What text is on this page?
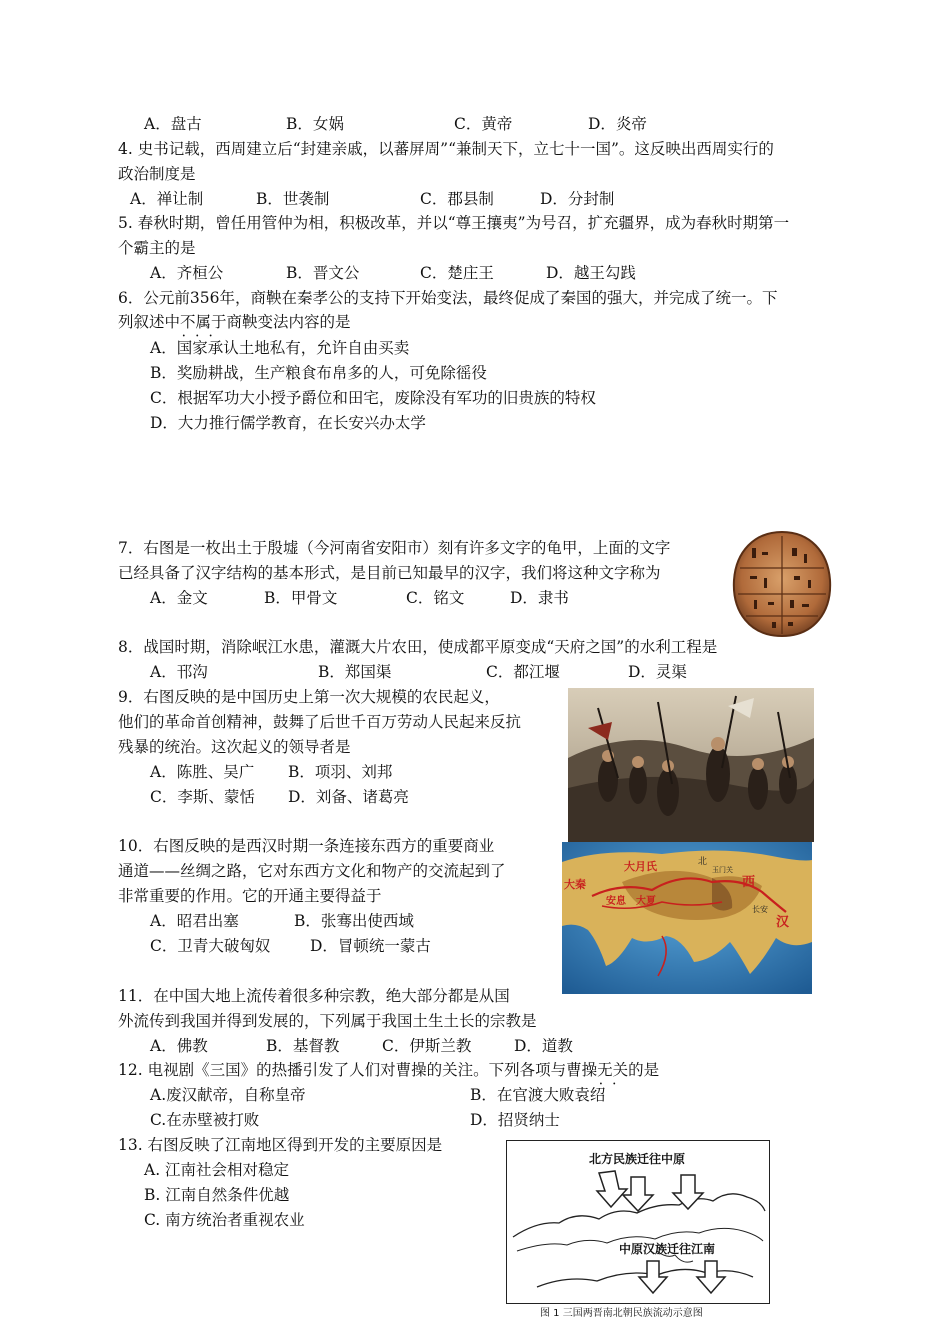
A．盘古	B．女娲	C．黄帝	D．炎帝
4. 史书记载，西周建立后“封建亲戚，以蕃屏周”“兼制天下，立七十一国”。这反映出西周实行的
政治制度是
A．禅让制	B．世袭制	C．郡县制	D．分封制
5. 春秋时期，曾任用管仲为相，积极改革，并以“尊王攘夷”为号召，扩充疆界，成为春秋时期第一
个霸主的是
A．齐桓公	B．晋文公	C．楚庄王	D．越王勾践
6．公元前356年，商鞅在秦孝公的支持下开始变法，最终促成了秦国的强大，并完成了统一。下
列叙述中不属于 • • •商鞅变法内容的是
A．国家承认土地私有，允许自由买卖
B．奖励耕战，生产粮食布帛多的人，可免除徭役
C．根据军功大小授予爵位和田宅，废除没有军功的旧贵族的特权
D．大力推行儒学教育，在长安兴办太学
7．右图是一枚出土于殷墟（今河南省安阳市）刻有许多文字的龟甲，上面的文字
已经具备了汉字结构的基本形式，是目前已知最早的汉字，我们将这种文字称为
A．金文	B．甲骨文	C．铭文	D．隶书
8．战国时期，消除岷江水患，灌溉大片农田，使成都平原变成“天府之国”的水利工程是
A．邗沟	B．郑国渠	C．都江堰	D．灵渠
9．右图反映的是中国历史上第一次大规模的农民起义，
他们的革命首创精神，鼓舞了后世千百万劳动人民起来反抗
残暴的统治。这次起义的领导者是
A．陈胜、吴广 B．项羽、刘邦
C．李斯、蒙恬 D．刘备、诸葛亮
10．右图反映的是西汉时期一条连接东西方的重要商业
通道——丝绸之路，它对东西方文化和物产的交流起到了
非常重要的作用。它的开通主要得益于
A．昭君出塞	B．张骞出使西域
C．卫青大破匈奴	D．冒顿统一蒙古
大秦
大月氏
安息 大夏
西
汉
长安
北
玉门关
11．在中国大地上流传着很多种宗教，绝大部分都是从国
外流传到我国并得到发展的，下列属于我国土生土长的宗教是
A．佛教	B．基督教	C．伊斯兰教	D．道教
12. 电视剧《三国》的热播引发了人们对曹操的关注。下列各项与曹操无关 • •的是
A.废汉献帝，自称皇帝	B．在官渡大败袁绍
C.在赤壁被打败	D．招贤纳士
13. 右图反映了江南地区得到开发的主要原因是
A. 江南社会相对稳定
B. 江南自然条件优越
C. 南方统治者重视农业
北方民族迁往中原
中原汉族迁往江南
图 1 三国两晋南北朝民族流动示意图
